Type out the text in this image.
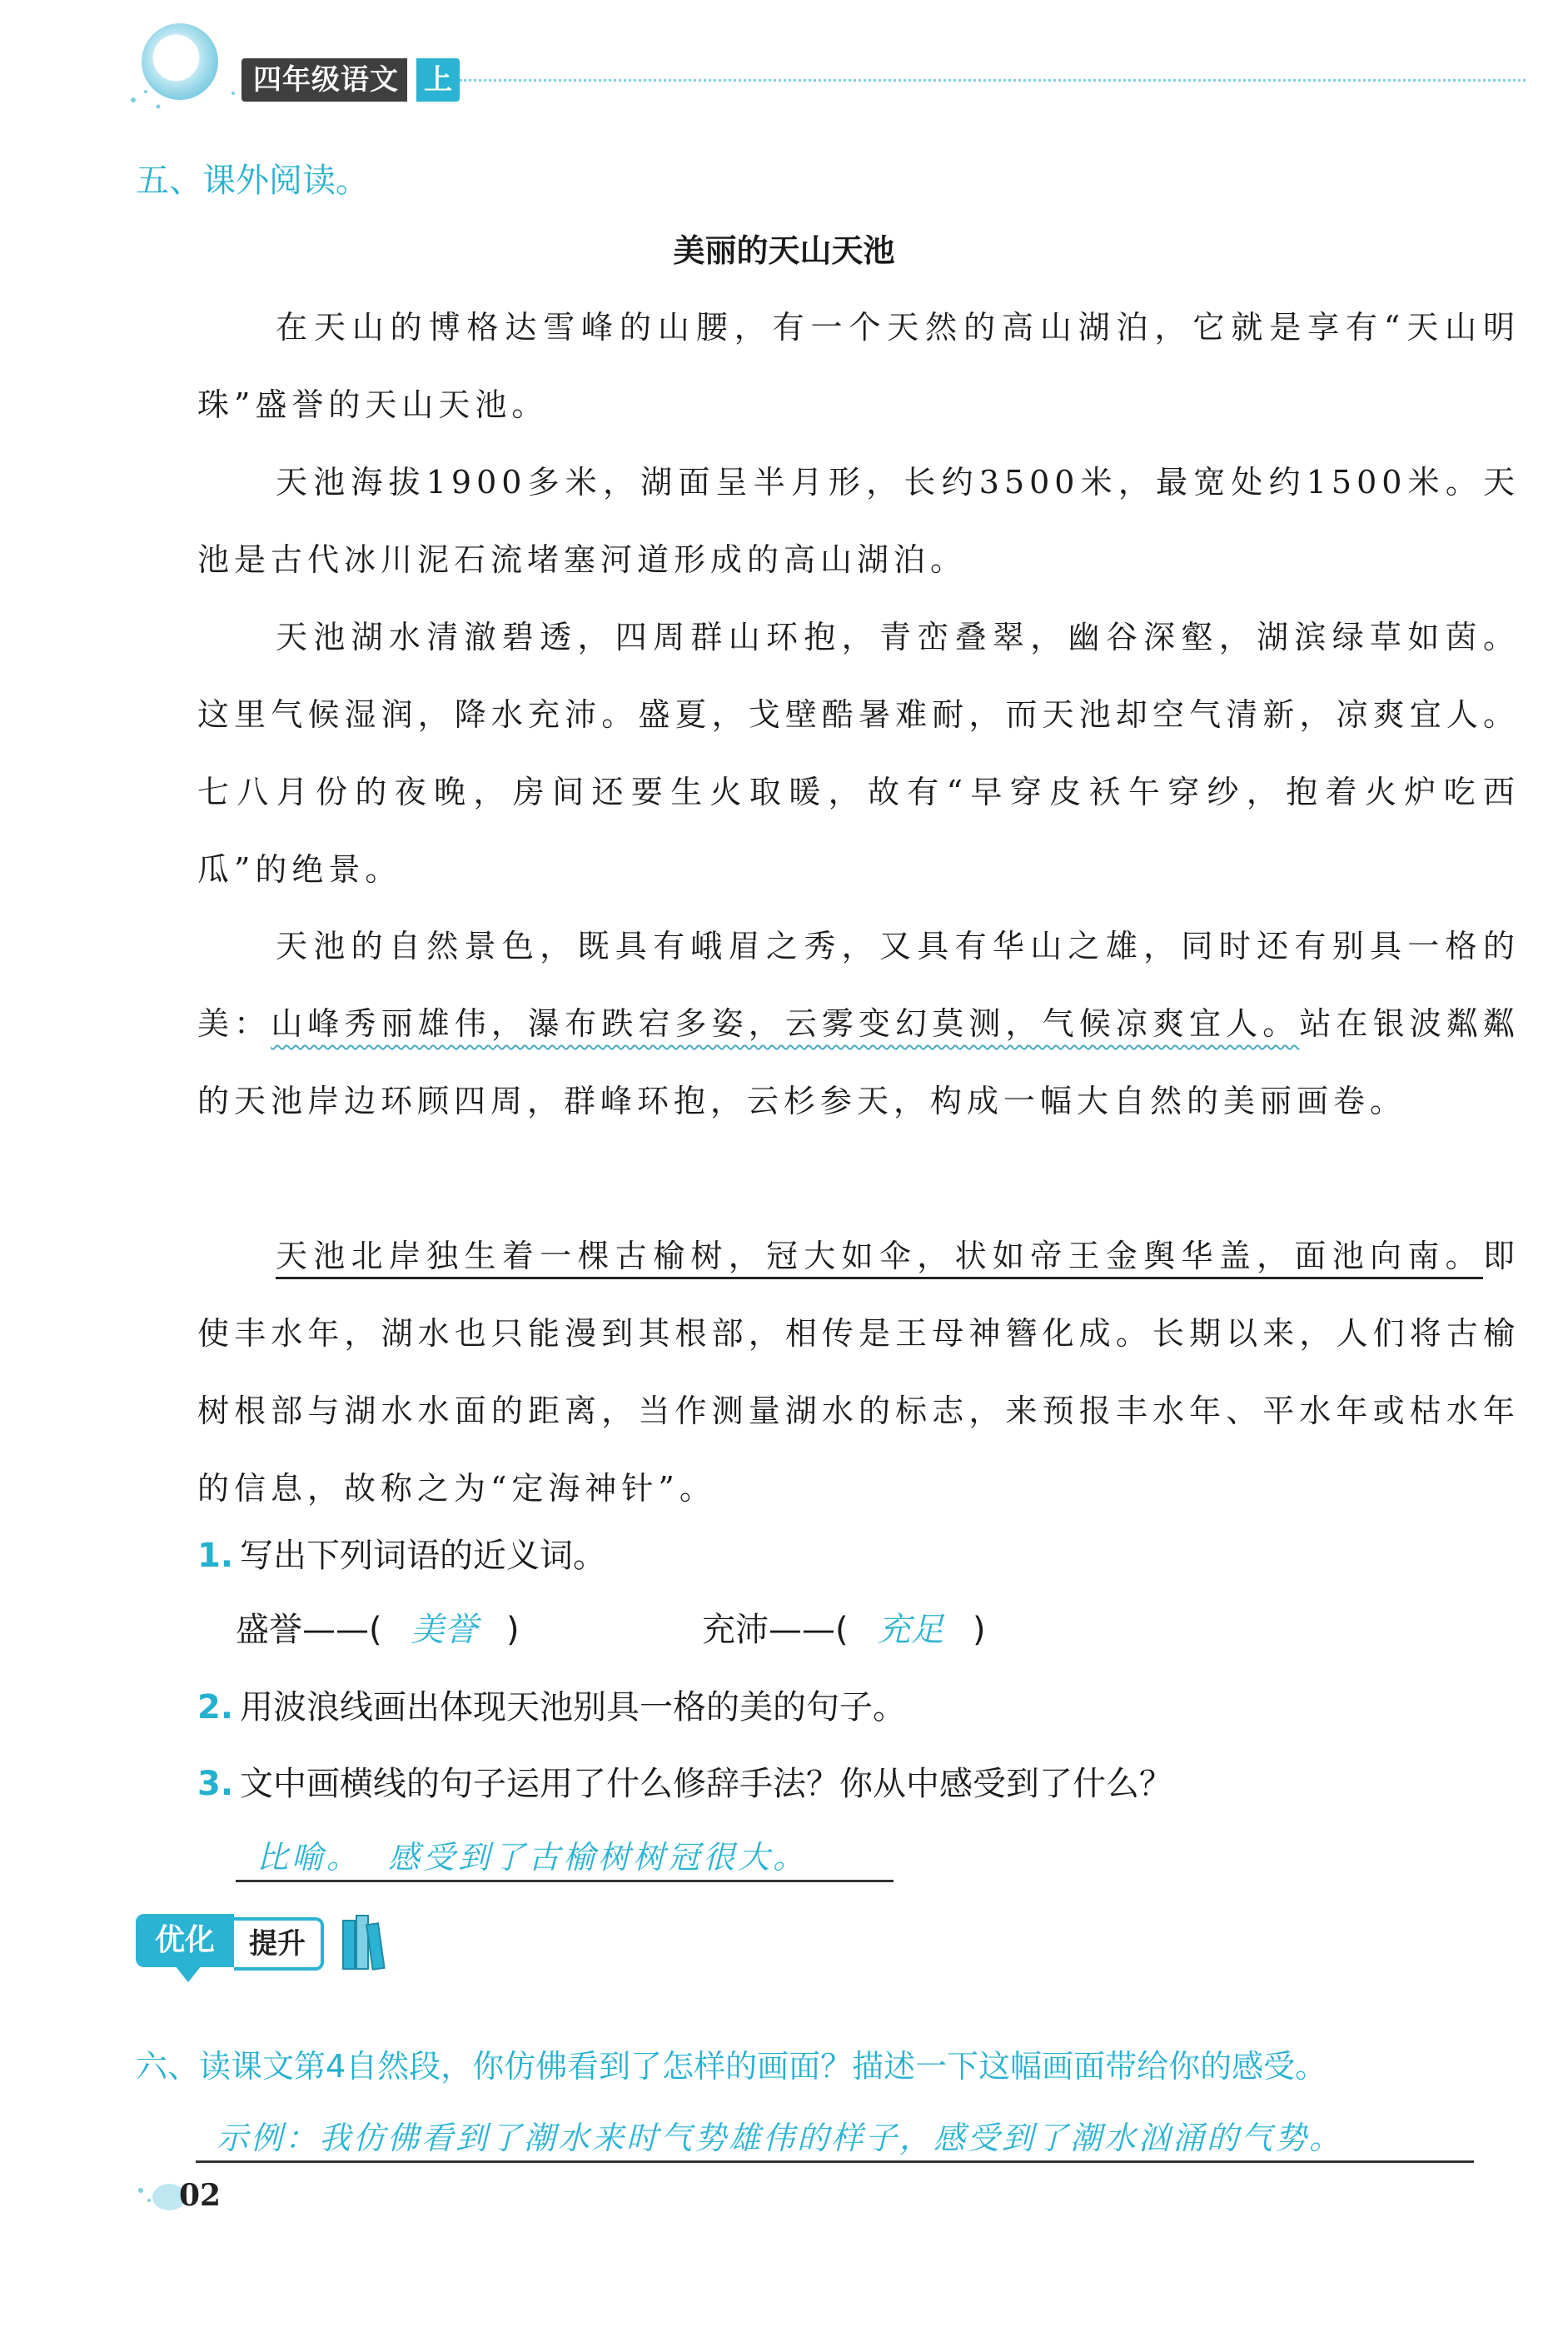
四年级语文 上
五、课外阅读。
美丽的天山天池

在天山的博格达雪峰的山腰，有一个天然的高山湖泊，它就是享有“天山明珠”盛誉的天山天池。

天池海拔1900多米，湖面呈半月形，长约3500米，最宽处约1500米。天池是古代冰川泥石流堵塞河道形成的高山湖泊。

天池湖水清澈碧透，四周群山环抱，青峦叠翠，幽谷深壑，湖滨绿草如茵。这里气候湿润，降水充沛。盛夏，戈壁酷暑难耐，而天池却空气清新，凉爽宜人。七八月份的夜晚，房间还要生火取暖，故有“早穿皮袄午穿纱，抱着火炉吃西瓜”的绝景。

天池的自然景色，既具有峨眉之秀，又具有华山之雄，同时还有别具一格的美：山峰秀丽雄伟，瀑布跌宕多姿，云雾变幻莫测，气候凉爽宜人。站在银波粼粼的天池岸边环顾四周，群峰环抱，云杉参天，构成一幅大自然的美丽画卷。

天池北岸独生着一棵古榆树，冠大如伞，状如帝王金舆华盖，面池向南。即使丰水年，湖水也只能漫到其根部，相传是王母神簪化成。长期以来，人们将古榆树根部与湖水水面的距离，当作测量湖水的标志，来预报丰水年、平水年或枯水年的信息，故称之为“定海神针”。

1. 写出下列词语的近义词。
盛誉——( 美誉 )	充沛——( 充足 )
2. 用波浪线画出体现天池别具一格的美的句子。
3. 文中画横线的句子运用了什么修辞手法？你从中感受到了什么？
比喻。  感受到了古榆树树冠很大。
优化	提升
六、读课文第4自然段，你仿佛看到了怎样的画面？描述一下这幅画面带给你的感受。
示例：我仿佛看到了潮水来时气势雄伟的样子，感受到了潮水汹涌的气势。
02
